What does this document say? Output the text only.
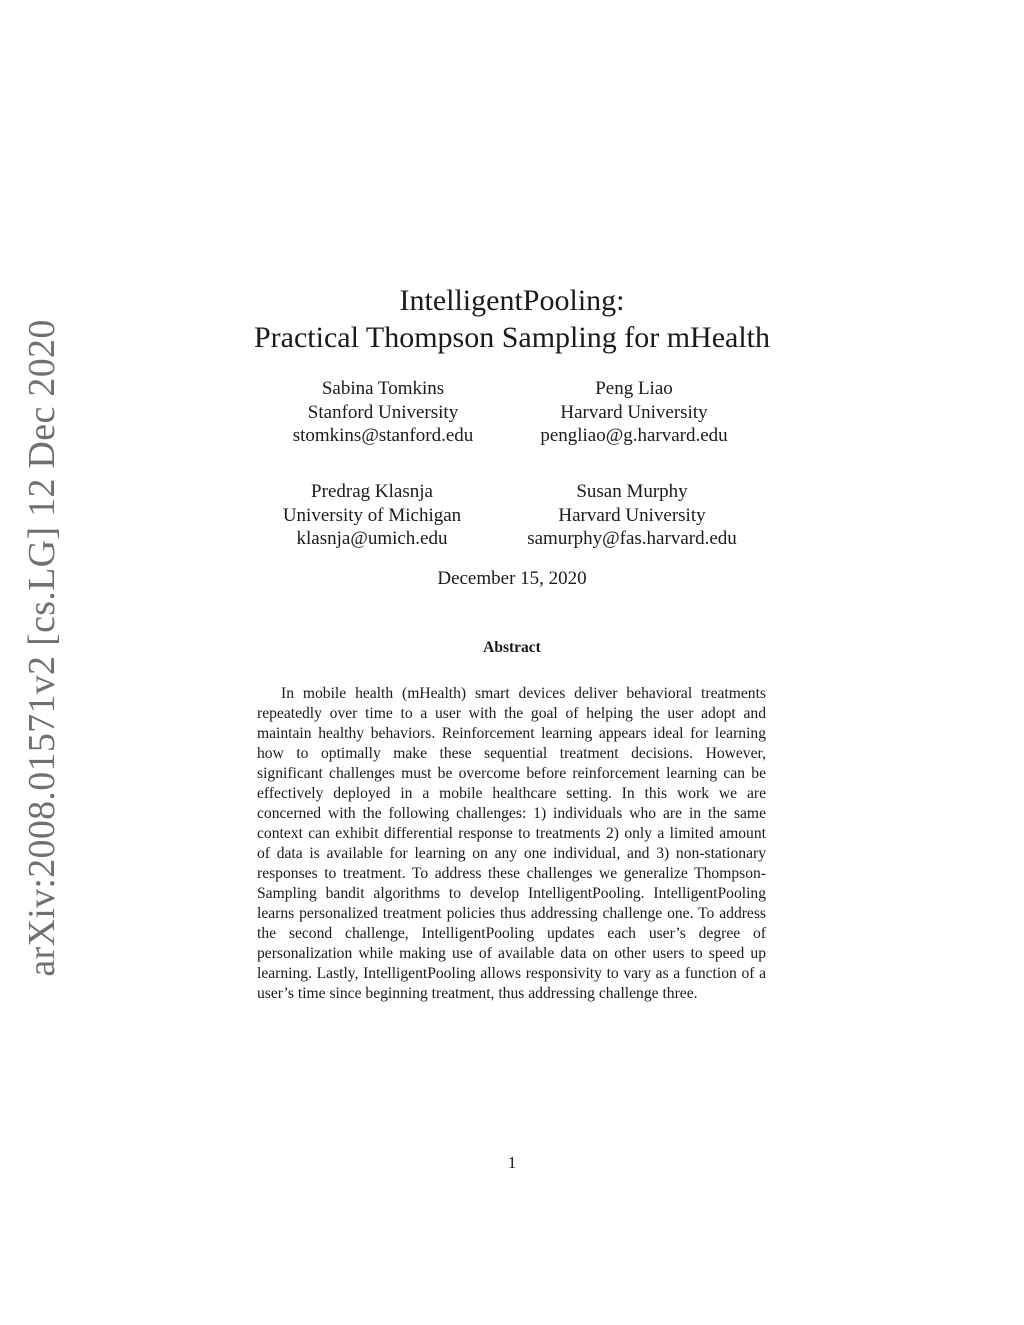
arXiv:2008.01571v2 [cs.LG] 12 Dec 2020
IntelligentPooling:
Practical Thompson Sampling for mHealth
Sabina Tomkins
Stanford University
stomkins@stanford.edu
Peng Liao
Harvard University
pengliao@g.harvard.edu
Predrag Klasnja
University of Michigan
klasnja@umich.edu
Susan Murphy
Harvard University
samurphy@fas.harvard.edu
December 15, 2020
Abstract

In mobile health (mHealth) smart devices deliver behavioral treatments repeatedly over time to a user with the goal of helping the user adopt and maintain healthy behaviors. Reinforcement learning appears ideal for learning how to optimally make these sequential treatment decisions. However, significant challenges must be overcome before reinforcement learning can be effectively deployed in a mobile healthcare setting. In this work we are concerned with the following challenges: 1) individuals who are in the same context can exhibit differential response to treatments 2) only a limited amount of data is available for learning on any one individual, and 3) non-stationary responses to treatment. To address these challenges we generalize Thompson-Sampling bandit algorithms to develop IntelligentPooling. IntelligentPooling learns personalized treatment policies thus addressing challenge one. To address the second challenge, IntelligentPooling updates each user’s degree of personalization while making use of available data on other users to speed up learning. Lastly, IntelligentPooling allows responsivity to vary as a function of a user’s time since beginning treatment, thus addressing challenge three.

1
